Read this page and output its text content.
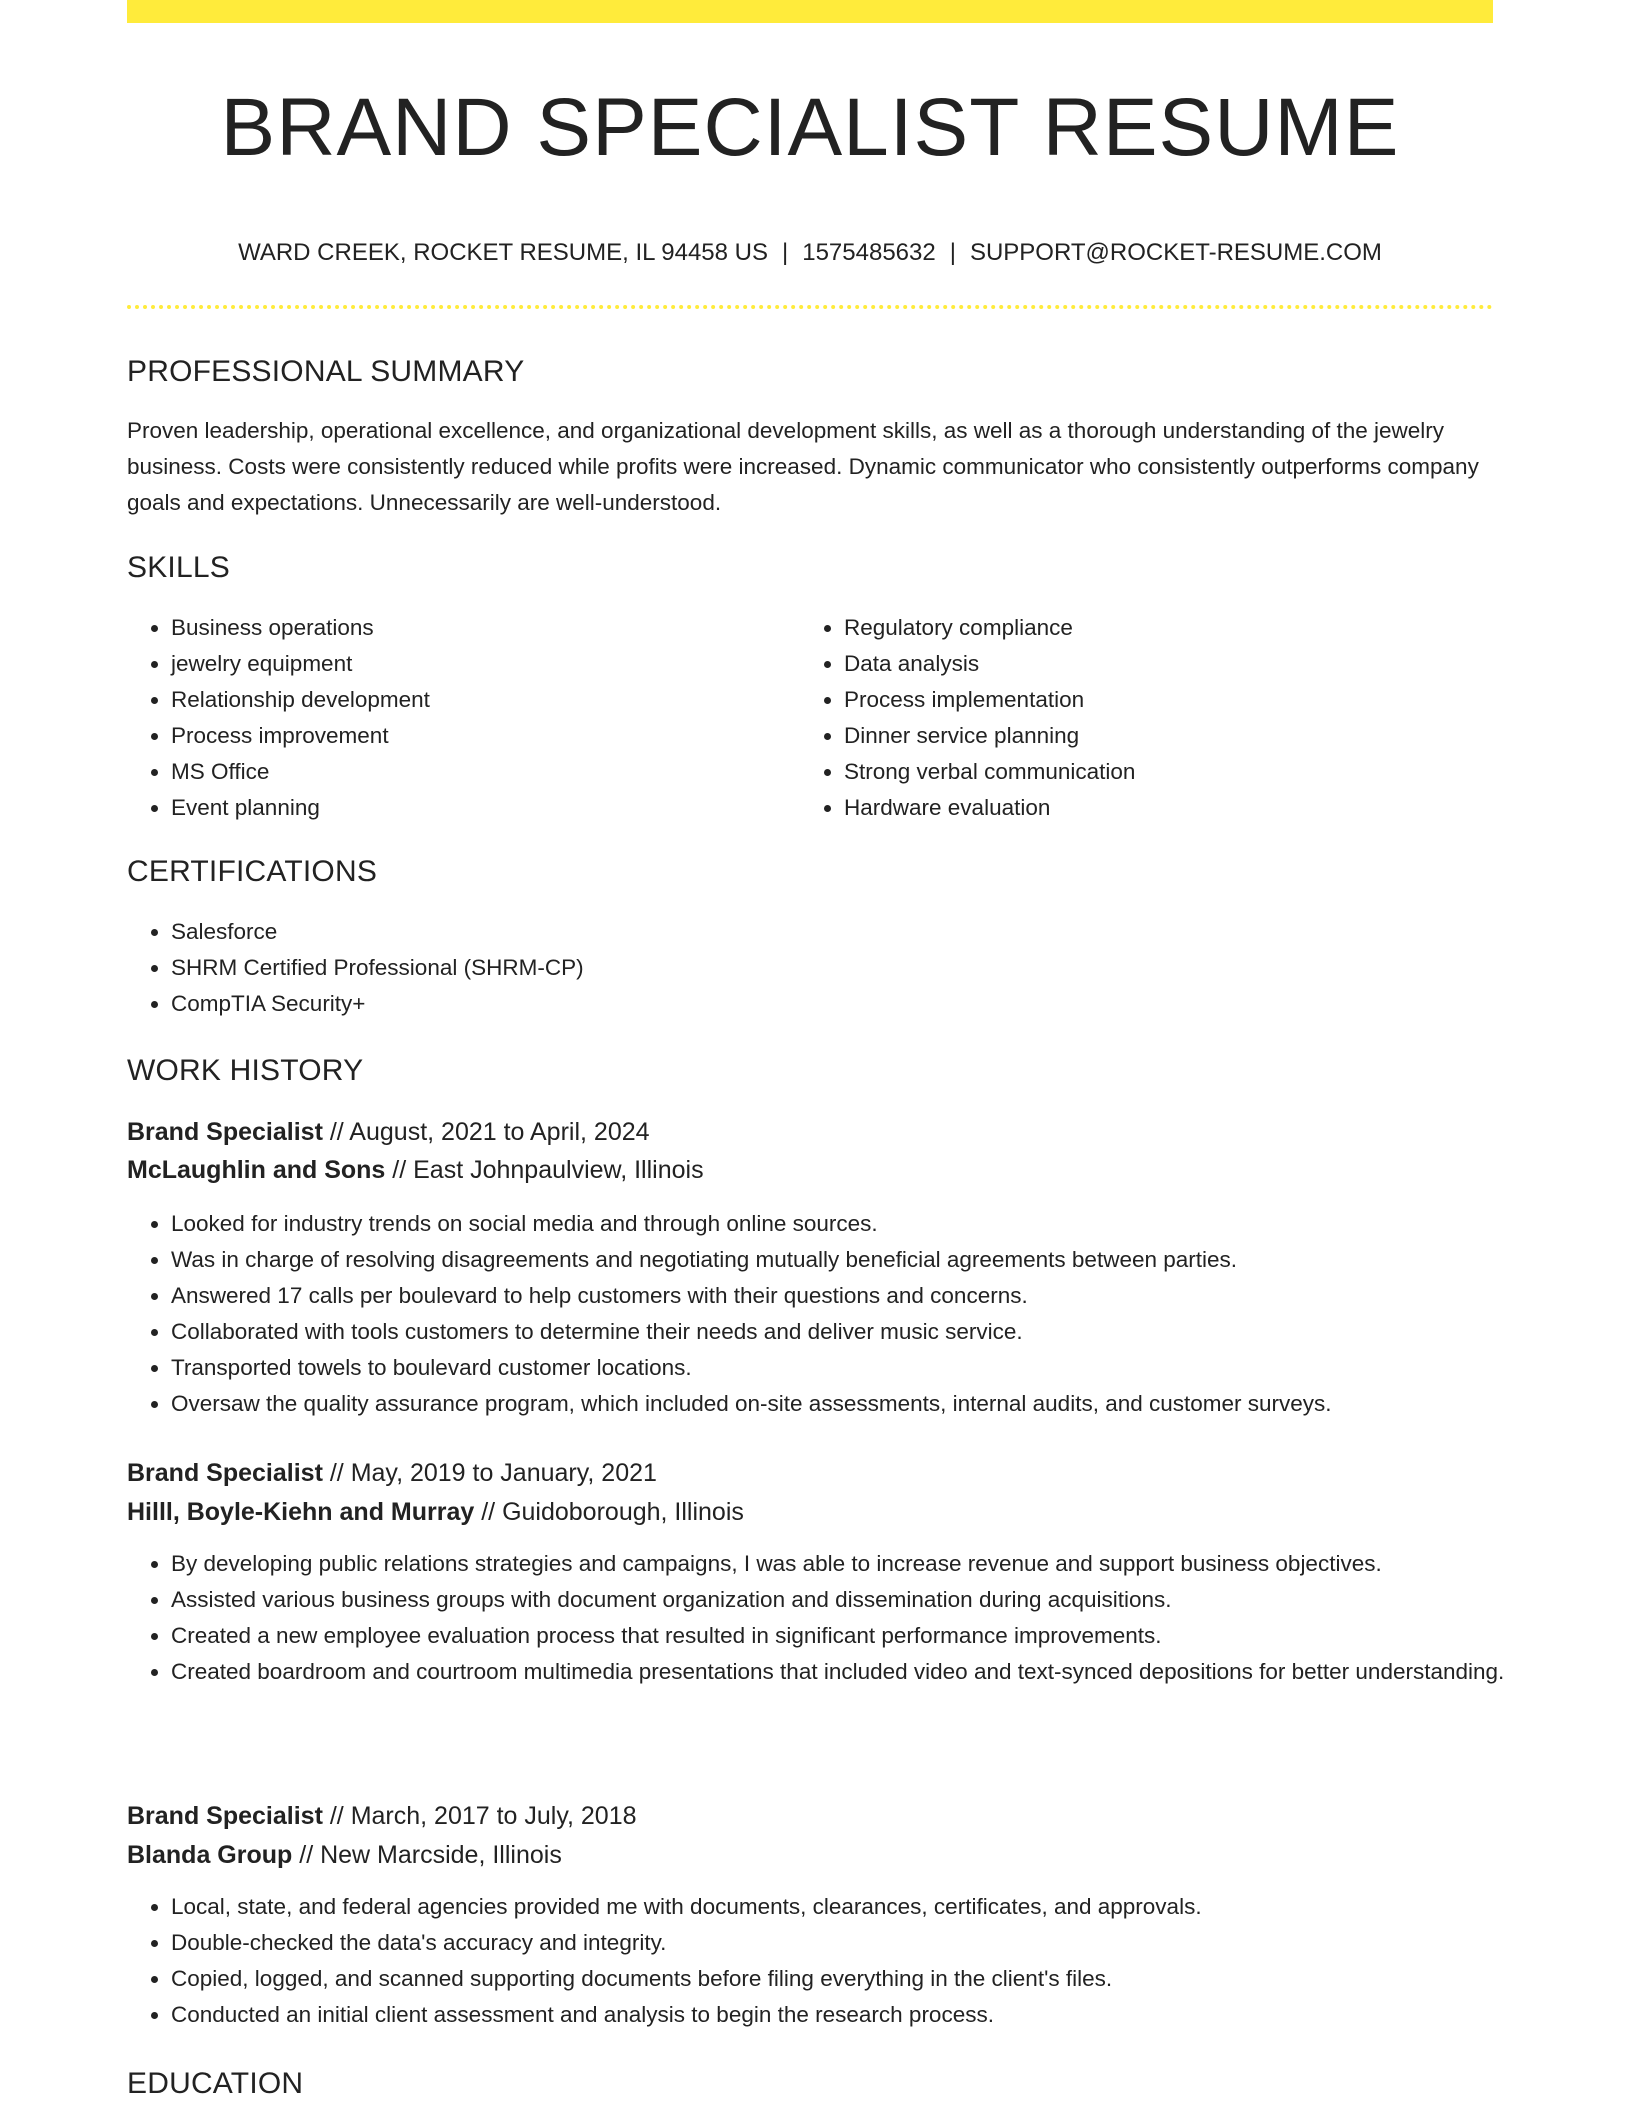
BRAND SPECIALIST RESUME
WARD CREEK, ROCKET RESUME, IL 94458 US | 1575485632 | SUPPORT@ROCKET-RESUME.COM
PROFESSIONAL SUMMARY

Proven leadership, operational excellence, and organizational development skills, as well as a thorough understanding of the jewelry business. Costs were consistently reduced while profits were increased. Dynamic communicator who consistently outperforms company goals and expectations. Unnecessarily are well-understood.

SKILLS
• Business operations
• jewelry equipment
• Relationship development
• Process improvement
• MS Office
• Event planning
• Regulatory compliance
• Data analysis
• Process implementation
• Dinner service planning
• Strong verbal communication
• Hardware evaluation
CERTIFICATIONS
• Salesforce
• SHRM Certified Professional (SHRM-CP)
• CompTIA Security+
WORK HISTORY
Brand Specialist // August, 2021 to April, 2024
McLaughlin and Sons // East Johnpaulview, Illinois
• Looked for industry trends on social media and through online sources.
• Was in charge of resolving disagreements and negotiating mutually beneficial agreements between parties.
• Answered 17 calls per boulevard to help customers with their questions and concerns.
• Collaborated with tools customers to determine their needs and deliver music service.
• Transported towels to boulevard customer locations.
• Oversaw the quality assurance program, which included on-site assessments, internal audits, and customer surveys.
Brand Specialist // May, 2019 to January, 2021
Hilll, Boyle-Kiehn and Murray // Guidoborough, Illinois
• By developing public relations strategies and campaigns, I was able to increase revenue and support business objectives.
• Assisted various business groups with document organization and dissemination during acquisitions.
• Created a new employee evaluation process that resulted in significant performance improvements.
• Created boardroom and courtroom multimedia presentations that included video and text-synced depositions for better understanding.
Brand Specialist // March, 2017 to July, 2018
Blanda Group // New Marcside, Illinois
• Local, state, and federal agencies provided me with documents, clearances, certificates, and approvals.
• Double-checked the data's accuracy and integrity.
• Copied, logged, and scanned supporting documents before filing everything in the client's files.
• Conducted an initial client assessment and analysis to begin the research process.
EDUCATION
